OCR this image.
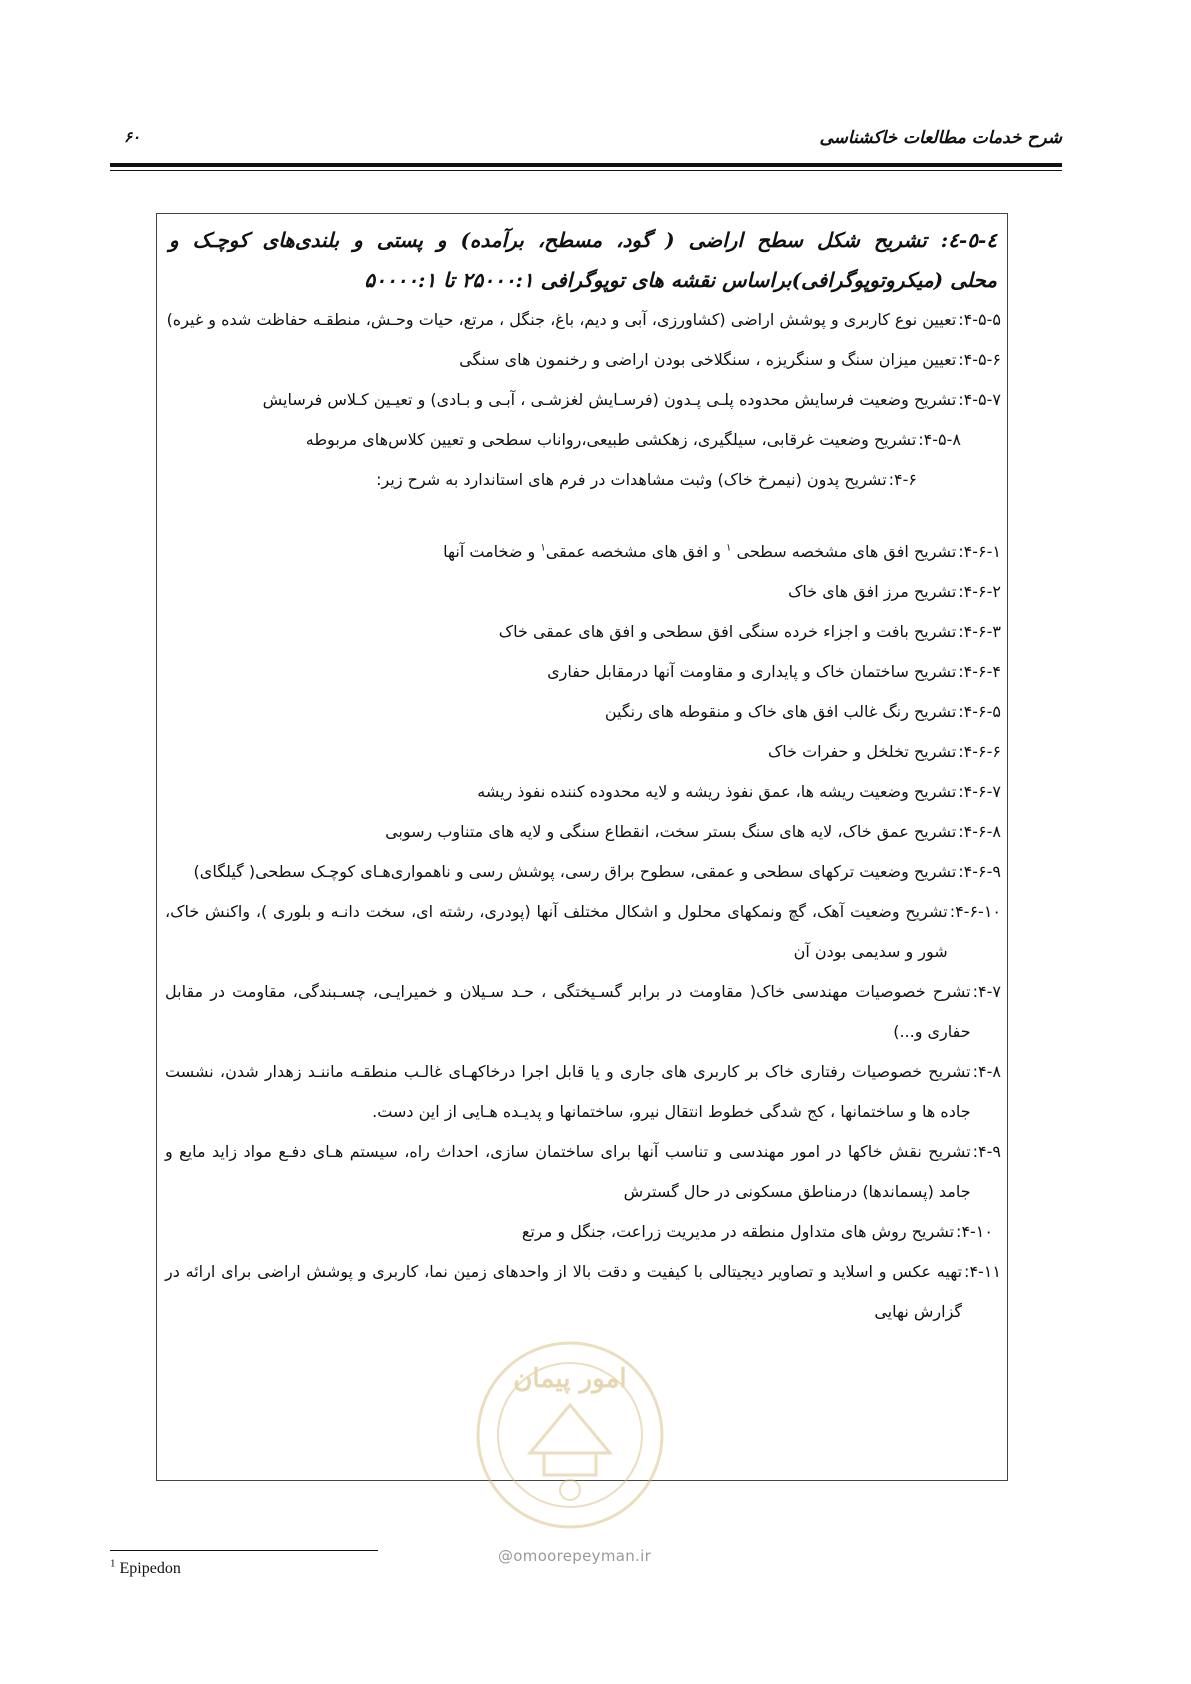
شرح خدمات مطالعات خاکشناسی
۶۰
٤-٥-٤: تشریح شکل سطح اراضی ( گود، مسطح، برآمده) و پستی و بلندی‌های کوچـک و
محلی (میکروتوپوگرافی)براساس نقشه های توپوگرافی ۲۵۰۰۰:۱ تا ۵۰۰۰۰:۱
۴-۵-۵:
تعیین نوع کاربری و پوشش اراضی (کشاورزی، آبی و دیم، باغ، جنگل ، مرتع، حیات وحـش، منطقـه حفاظت شده و غیره)
۴-۵-۶:
تعیین میزان سنگ و سنگریزه ، سنگلاخی بودن اراضی و رخنمون های سنگی
۴-۵-۷:
تشریح وضعیت فرسایش محدوده پلـی پـدون (فرسـایش لغزشـی ، آبـی و بـادی) و تعیـین کـلاس فرسایش
۴-۵-۸:
تشریح وضعیت غرقابی، سیلگیری، زهکشی طبیعی،رواناب سطحی و تعیین کلاس‌های مربوطه
۴-۶:
تشریح پدون (نیمرخ خاک) وثبت مشاهدات در فرم های استاندارد به شرح زیر:
۴-۶-۱:
تشریح افق های مشخصه سطحی $^۱$ و افق های مشخصه عمقی$^۱$ و ضخامت آنها
۴-۶-۲:
تشریح مرز افق های خاک
۴-۶-۳:
تشریح بافت و اجزاء خرده سنگی افق سطحی و افق های عمقی خاک
۴-۶-۴:
تشریح ساختمان خاک و پایداری و مقاومت آنها درمقابل حفاری
۴-۶-۵:
تشریح رنگ غالب افق های خاک و منقوطه های رنگین
۴-۶-۶:
تشریح تخلخل و حفرات خاک
۴-۶-۷:
تشریح وضعیت ریشه ها، عمق نفوذ ریشه و لایه محدوده کننده نفوذ ریشه
۴-۶-۸:
تشریح عمق خاک، لایه های سنگ بستر سخت، انقطاع سنگی و لایه های متناوب رسوبی
۴-۶-۹:
تشریح وضعیت ترکهای سطحی و عمقی، سطوح براق رسی، پوشش رسی و ناهمواری‌هـای کوچـک سطحی( گیلگای)
۴-۶-۱۰:
تشریح وضعیت آهک، گچ ونمکهای محلول و اشکال مختلف آنها (پودری، رشته ای، سخت دانـه و بلوری )، واکنش خاک، شور و سدیمی بودن آن
۴-۷:
تشرح خصوصیات مهندسی خاک( مقاومت در برابر گسـیختگی ، حـد سـیلان و خمیرایـی، چسـبندگی، مقاومت در مقابل حفاری و...)
۴-۸:
تشریح خصوصیات رفتاری خاک بر کاربری های جاری و یا قابل اجرا درخاکهـای غالـب منطقـه ماننـد زهدار شدن، نشست جاده ها و ساختمانها ، کج شدگی خطوط انتقال نیرو، ساختمانها و پدیـده هـایی از این دست.
۴-۹:
تشریح نقش خاکها در امور مهندسی و تناسب آنها برای ساختمان سازی، احداث راه، سیستم هـای دفـع مواد زاید مایع و جامد (پسماندها) درمناطق مسکونی در حال گسترش
۴-۱۰:
تشریح روش های متداول منطقه در مدیریت زراعت، جنگل و مرتع
۴-۱۱:
تهیه عکس و اسلاید و تصاویر دیجیتالی با کیفیت و دقت بالا از واحدهای زمین نما، کاربری و پوشش اراضی برای ارائه در گزارش نهایی
امور پیمان
@omoorepeyman.ir
$^1$ Epipedon
